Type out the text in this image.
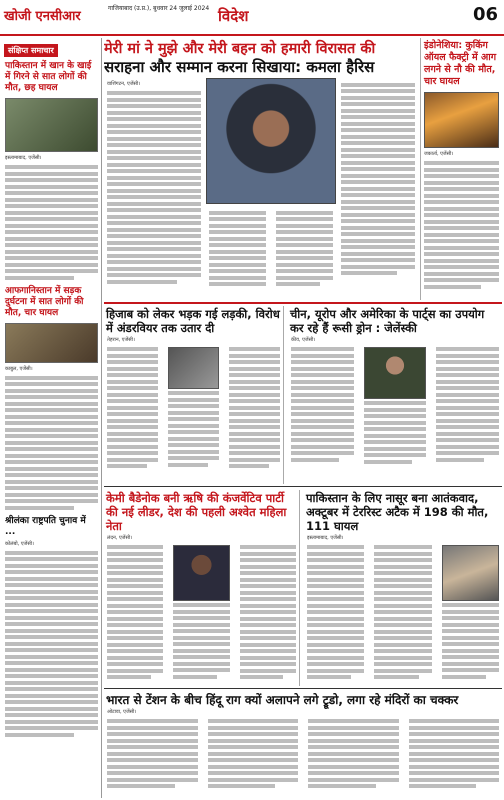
खोजी एनसीआर
गाजियाबाद (उ.प्र.), बुधवार 24 जुलाई 2024 विदेश	06
संक्षिप्त समाचार
पाकिस्तान में खान के खाई में गिरने से सात लोगों की मौत, छह घायल
इस्लामाबाद, एजेंसी।
आफगानिस्तान में सड़क दुर्घटना में सात लोगों की मौत, चार घायल
काबुल, एजेंसी।
श्रीलंका राष्ट्रपति चुनाव में ...
कोलंबो, एजेंसी।
मेरी मां ने मुझे और मेरी बहन को हमारी विरासत की
सराहना और सम्मान करना सिखाया: कमला हैरिस
वाशिंगटन, एजेंसी।
इंडोनेशिया: कुकिंग ऑयल फैक्ट्री में आग लगने से नौ की मौत, चार घायल
जकार्ता, एजेंसी।
हिजाब को लेकर भड़क गई लड़की, विरोध में अंडरवियर तक उतार दी
तेहरान, एजेंसी।
चीन, यूरोप और अमेरिका के पार्ट्स का उपयोग कर रहे हैं रूसी ड्रोन : जेलेंस्की
कीव, एजेंसी।
केमी बैडेनोक बनी ऋषि की कंजर्वेटिव पार्टी की नई लीडर, देश की पहली अश्वेत महिला नेता
लंदन, एजेंसी।
पाकिस्तान के लिए नासूर बना आतंकवाद, अक्टूबर में टेररिस्ट अटैक में 198 की मौत, 111 घायल
इस्लामाबाद, एजेंसी।
भारत से टेंशन के बीच हिंदू राग क्यों अलापने लगे ट्रूडो, लगा रहे मंदिरों का चक्कर
ओटावा, एजेंसी।
